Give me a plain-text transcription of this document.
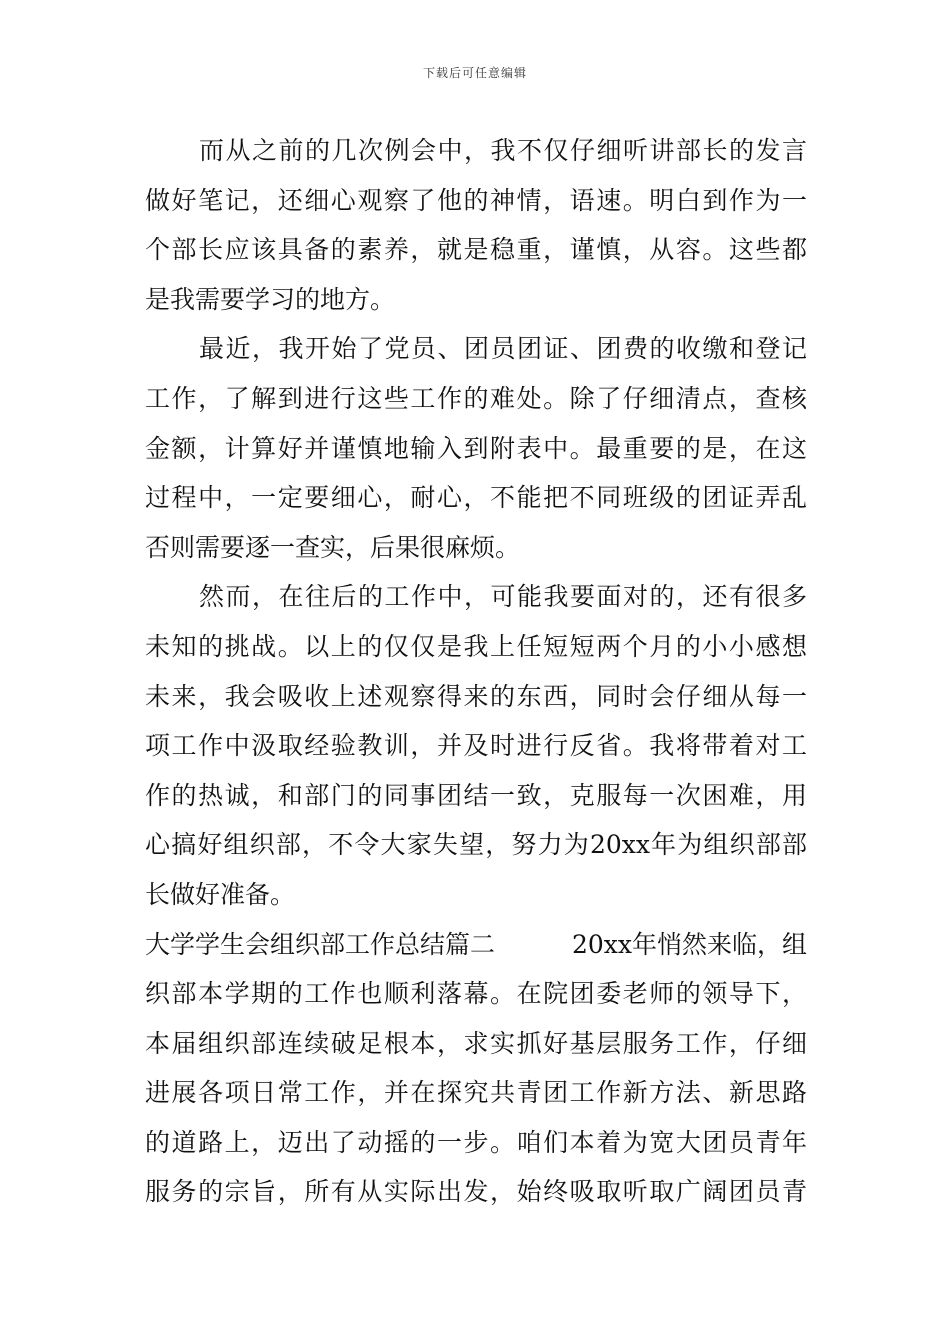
下载后可任意编辑
而从之前的几次例会中，我不仅仔细听讲部长的发言
做好笔记，还细心观察了他的神情，语速。明白到作为一
个部长应该具备的素养，就是稳重，谨慎，从容。这些都
是我需要学习的地方。
最近，我开始了党员、团员团证、团费的收缴和登记
工作，了解到进行这些工作的难处。除了仔细清点，查核
金额，计算好并谨慎地输入到附表中。最重要的是，在这
过程中，一定要细心，耐心，不能把不同班级的团证弄乱
否则需要逐一查实，后果很麻烦。
然而，在往后的工作中，可能我要面对的，还有很多
未知的挑战。以上的仅仅是我上任短短两个月的小小感想
未来，我会吸收上述观察得来的东西，同时会仔细从每一
项工作中汲取经验教训，并及时进行反省。我将带着对工
作的热诚，和部门的同事团结一致，克服每一次困难，用
心搞好组织部，不令大家失望，努力为20xx年为组织部部
长做好准备。
大学学生会组织部工作总结篇二	20xx年悄然来临，组
织部本学期的工作也顺利落幕。在院团委老师的领导下，
本届组织部连续破足根本，求实抓好基层服务工作，仔细
进展各项日常工作，并在探究共青团工作新方法、新思路
的道路上，迈出了动摇的一步。咱们本着为宽大团员青年
服务的宗旨，所有从实际出发，始终吸取听取广阔团员青
